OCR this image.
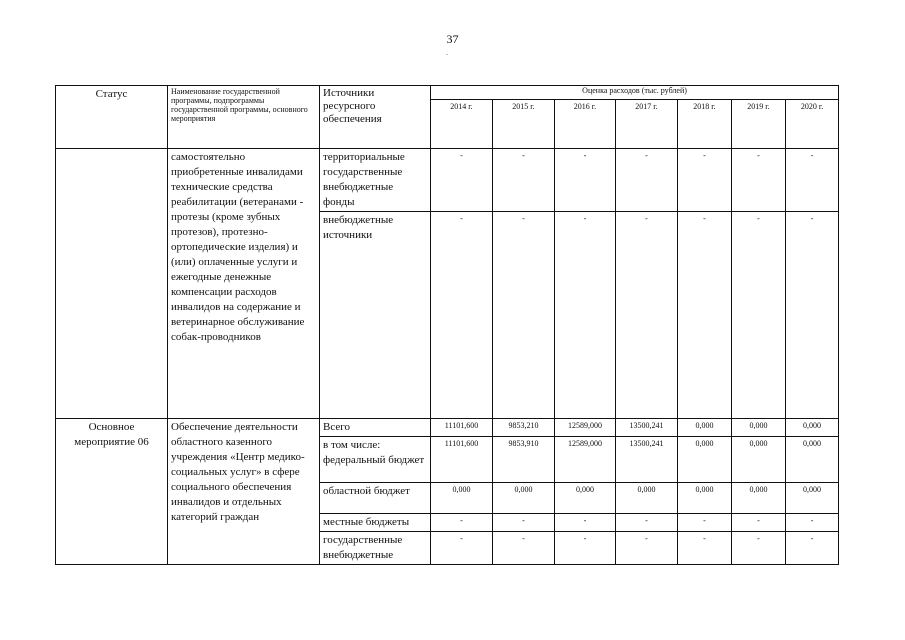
37
.
Статус	Наименование государственной программы, подпрограммы государственной программы, основного мероприятия	Источники ресурсного обеспечения	Оценка расходов (тыс. рублей)						
			2014 г.	2015 г.	2016 г.	2017 г.	2018 г.	2019 г.	2020 г.
	самостоятельно приобретенные инвалидами технические средства реабилитации (ветеранами - протезы (кроме зубных протезов), протезно-ортопедические изделия) и (или) оплаченные услуги и ежегодные денежные компенсации расходов инвалидов на содержание и ветеринарное обслуживание собак-проводников	территориальные государственные внебюджетные фонды	-	-	-	-	-	-	-
		внебюджетные источники	-	-	-	-	-	-	-
Основное мероприятие 06	Обеспечение деятельности областного казенного учреждения «Центр медико-социальных услуг» в сфере социального обеспечения инвалидов и отдельных категорий граждан	Всего	11101,600	9853,210	12589,000	13500,241	0,000	0,000	0,000
		в том числе: федеральный бюджет	11101,600	9853,910	12589,000	13500,241	0,000	0,000	0,000
		областной бюджет	0,000	0,000	0,000	0,000	0,000	0,000	0,000
		местные бюджеты	-	-	-	-	-	-	-
		государственные внебюджетные	-	-	-	-	-	-	-
